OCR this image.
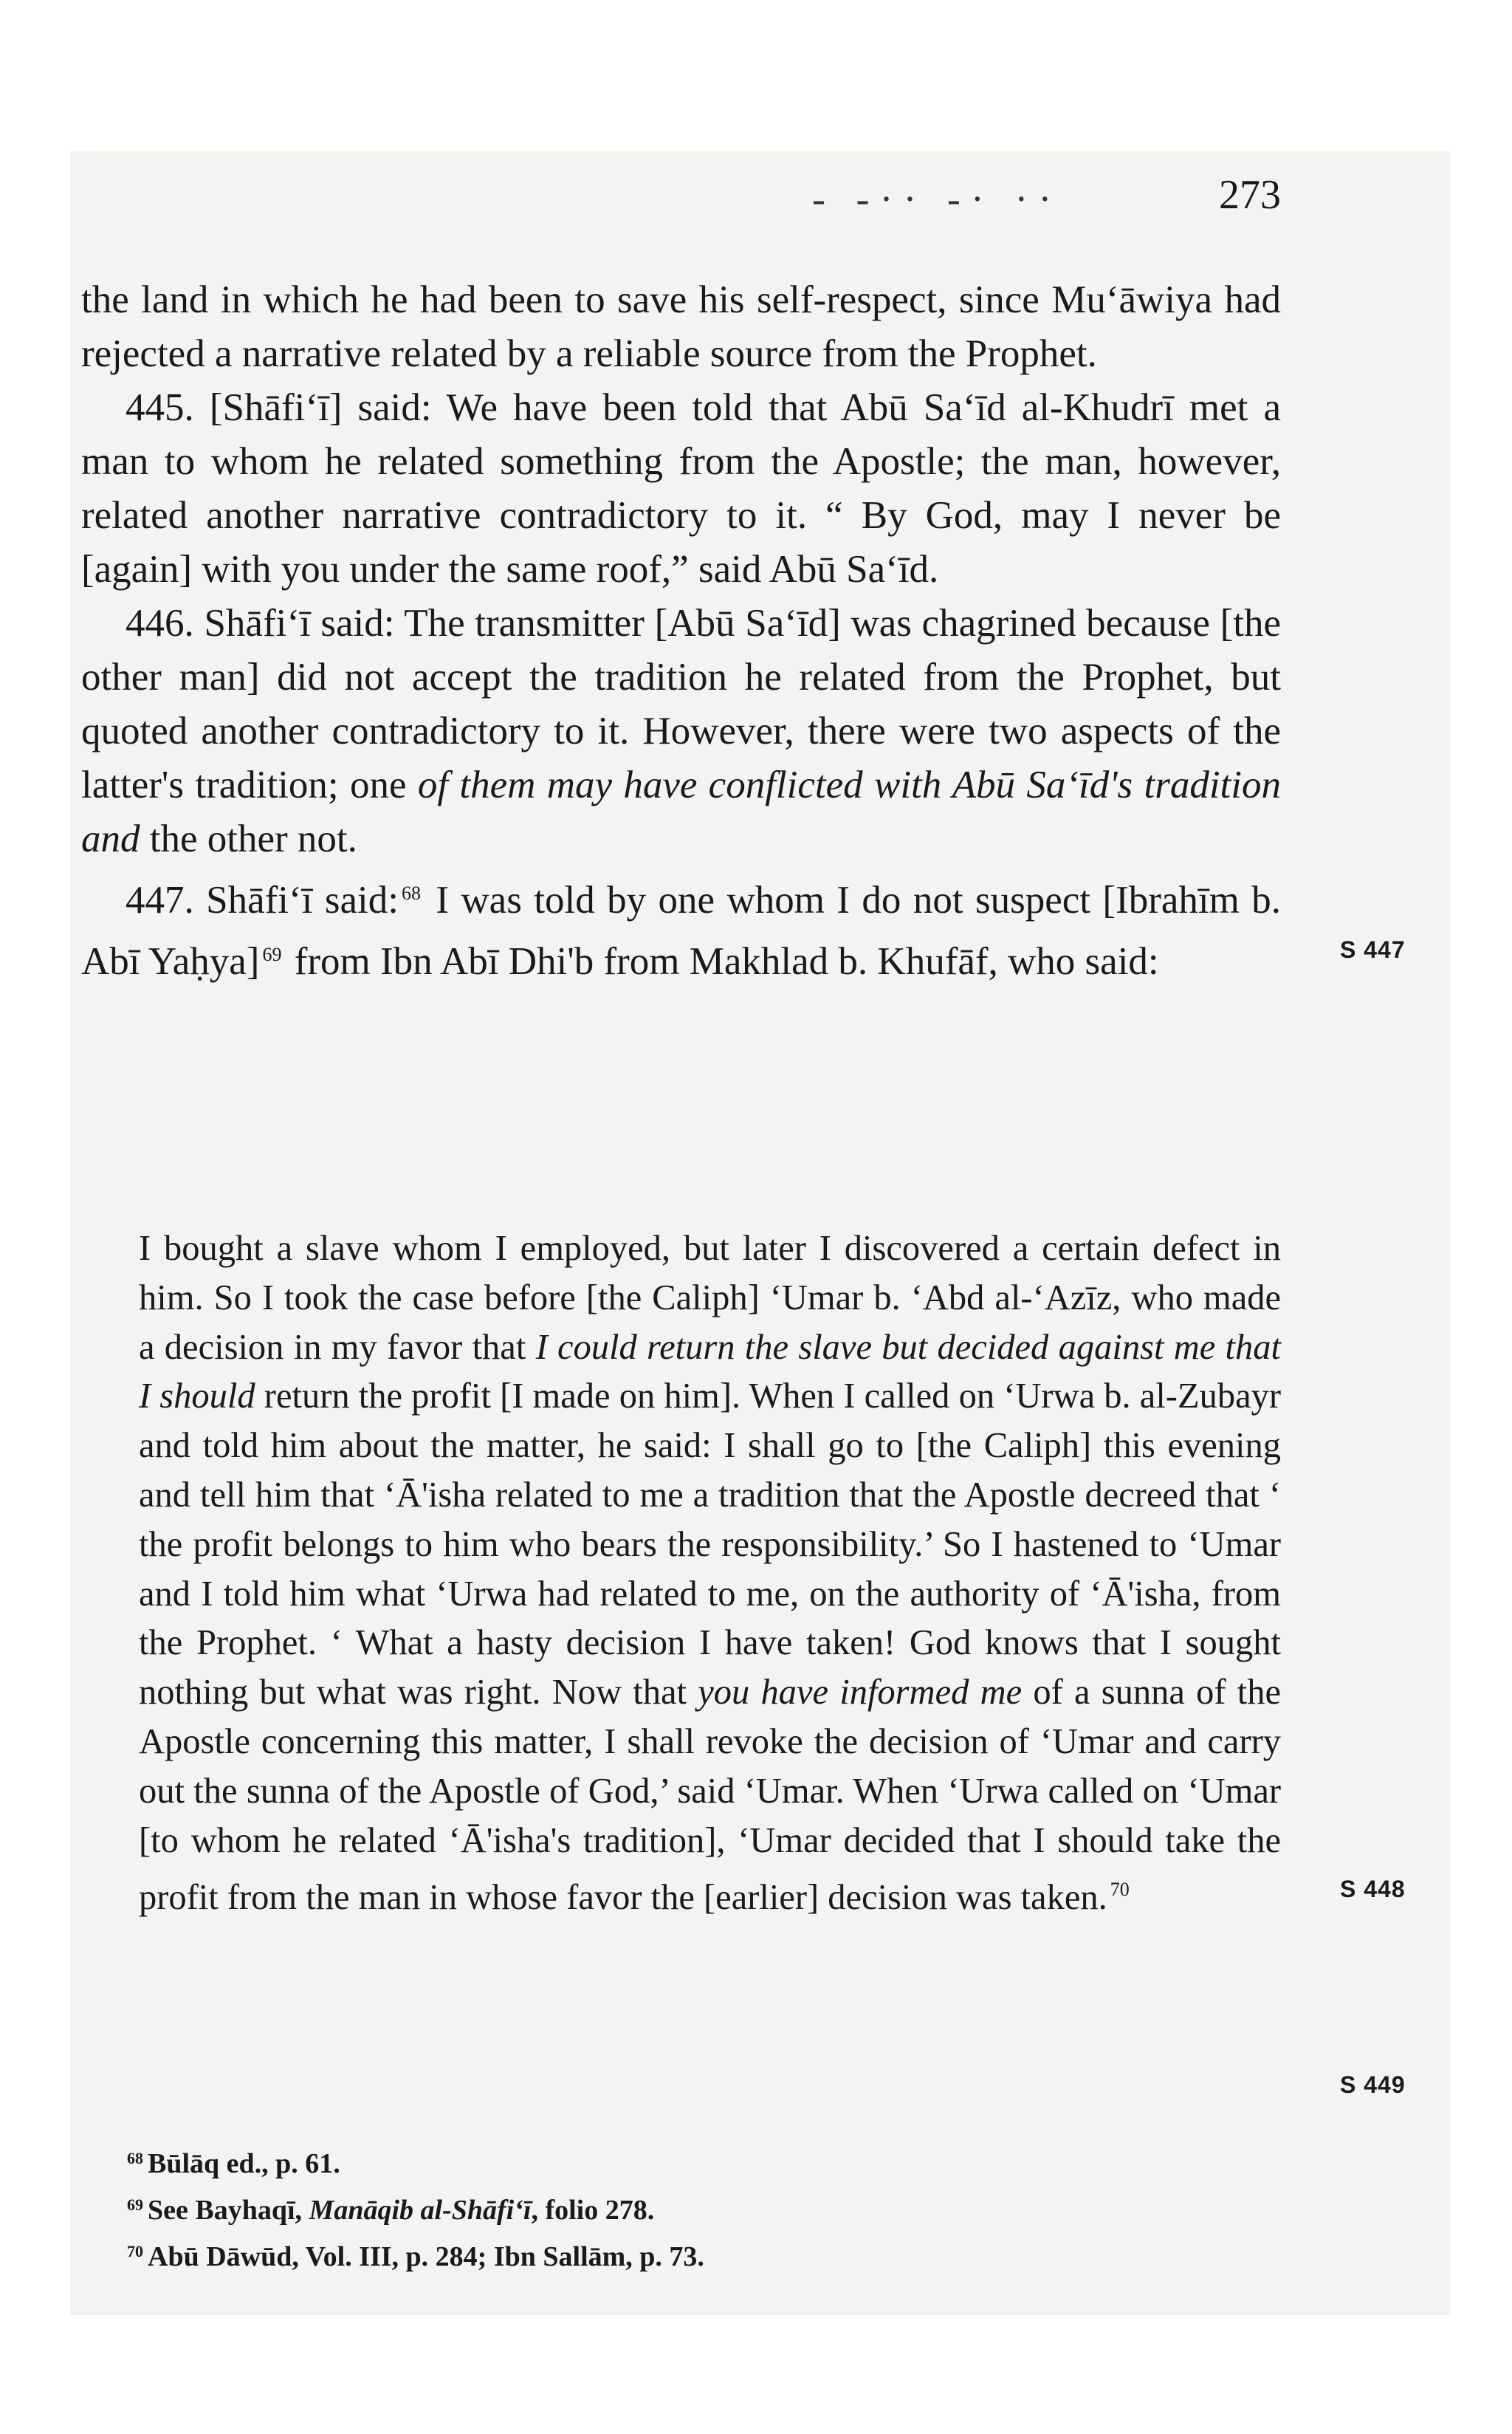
- -·· -· ··	273

the land in which he had been to save his self-respect, since Mu‘āwiya had rejected a narrative related by a reliable source from the Prophet.

445. [Shāfi‘ī] said: We have been told that Abū Sa‘īd al-Khudrī met a man to whom he related something from the Apostle; the man, however, related another narrative contradictory to it. “ By God, may I never be [again] with you under the same roof,” said Abū Sa‘īd.

446. Shāfi‘ī said: The transmitter [Abū Sa‘īd] was chagrined because [the other man] did not accept the tradition he related from the Prophet, but quoted another contradictory to it. However, there were two aspects of the latter's tradition; one of them may have conflicted with Abū Sa‘īd's tradition and the other not.

447. Shāfi‘ī said: $^{68}$ I was told by one whom I do not suspect [Ibrahīm b. Abī Yaḥya] $^{69}$ from Ibn Abī Dhi'b from Makhlad b. Khufāf, who said:

I bought a slave whom I employed, but later I discovered a certain defect in him. So I took the case before [the Caliph] ‘Umar b. ‘Abd al-‘Azīz, who made a decision in my favor that I could return the slave but decided against me that I should return the profit [I made on him]. When I called on ‘Urwa b. al-Zubayr and told him about the matter, he said: I shall go to [the Caliph] this evening and tell him that ‘Ā'isha related to me a tradition that the Apostle decreed that ‘ the profit belongs to him who bears the responsibility.’ So I hastened to ‘Umar and I told him what ‘Urwa had related to me, on the authority of ‘Ā'isha, from the Prophet. ‘ What a hasty decision I have taken! God knows that I sought nothing but what was right. Now that you have informed me of a sunna of the Apostle concerning this matter, I shall revoke the decision of ‘Umar and carry out the sunna of the Apostle of God,’ said ‘Umar. When ‘Urwa called on ‘Umar [to whom he related ‘Ā'isha's tradition], ‘Umar decided that I should take the profit from the man in whose favor the [earlier] decision was taken. $^{70}$

S 447
S 448
S 449
$^{68}$ Būlāq ed., p. 61.
$^{69}$ See Bayhaqī, Manāqib al-Shāfi‘ī, folio 278.
$^{70}$ Abū Dāwūd, Vol. III, p. 284; Ibn Sallām, p. 73.
